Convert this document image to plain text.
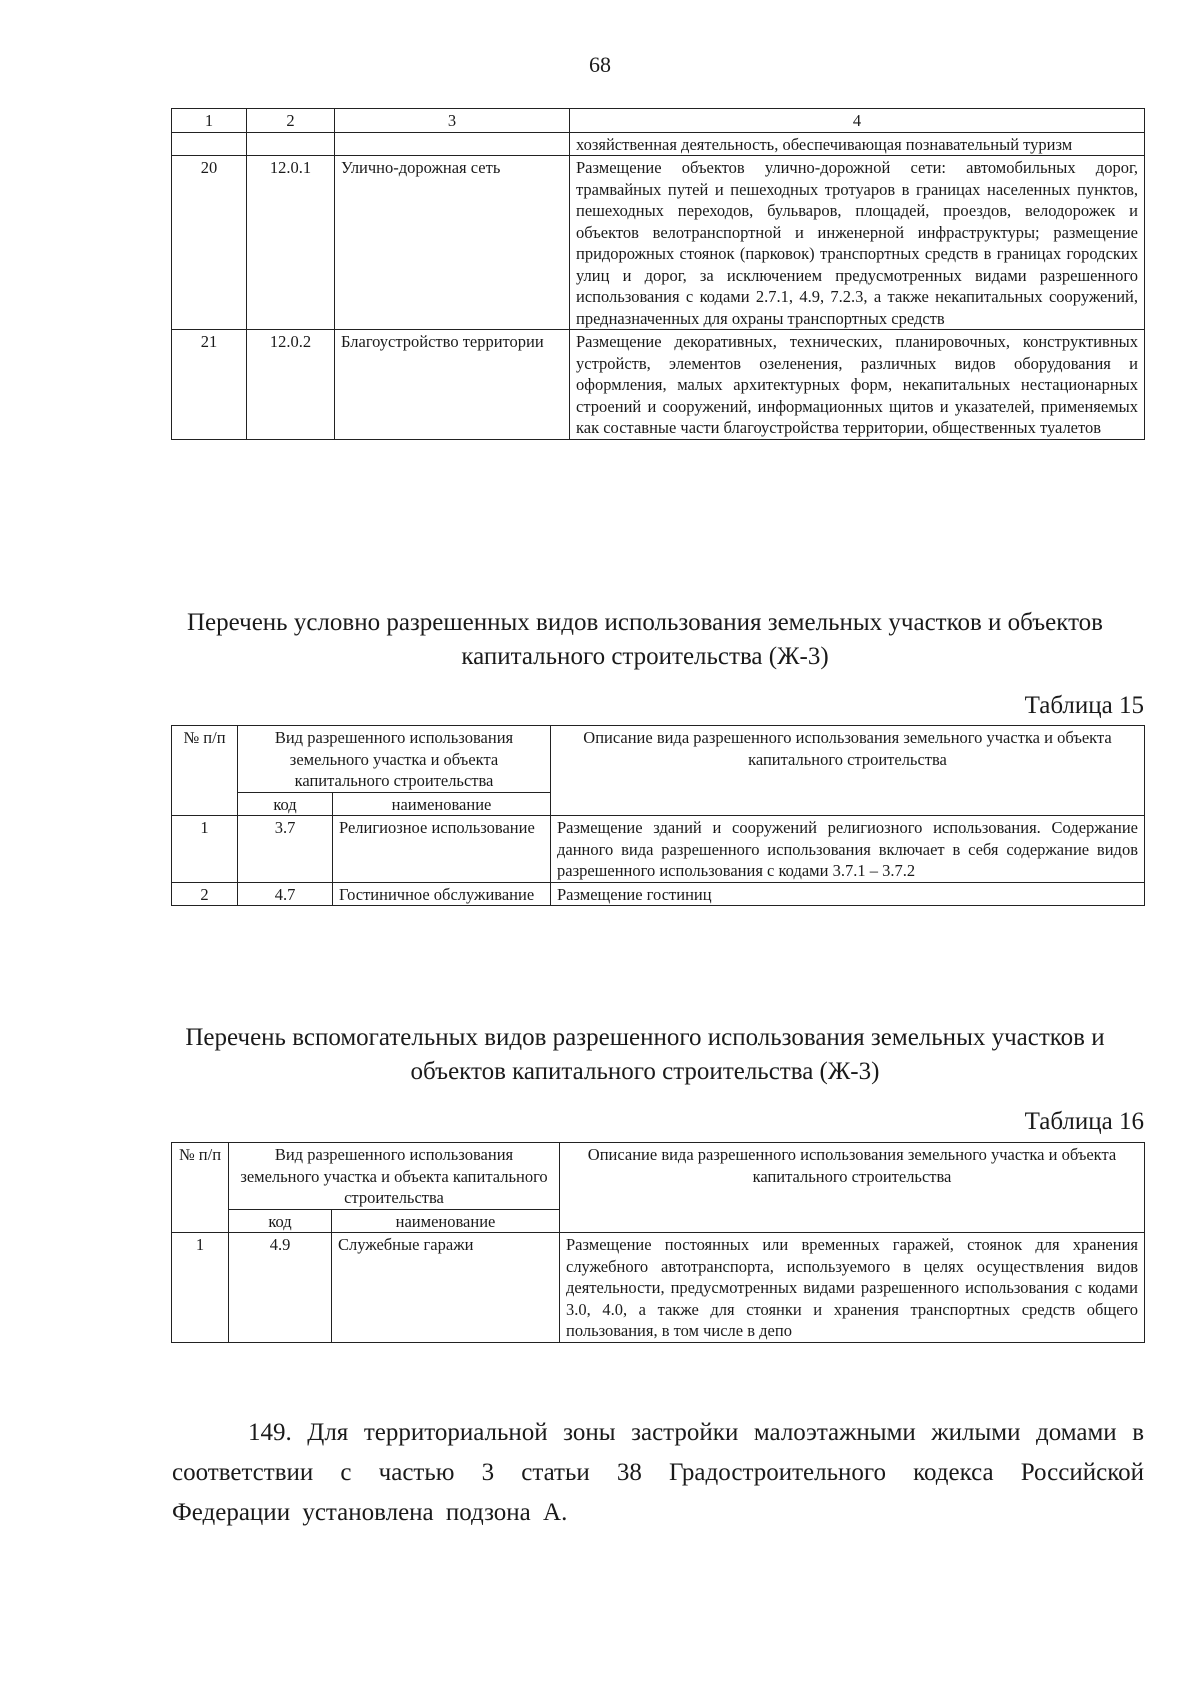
68
1	2	3	4
			хозяйственная деятельность, обеспечивающая познавательный туризм
20	12.0.1	Улично-дорожная сеть	Размещение объектов улично-дорожной сети: автомобильных дорог, трамвайных путей и пешеходных тротуаров в границах населенных пунктов, пешеходных переходов, бульваров, площадей, проездов, велодорожек и объектов велотранспортной и инженерной инфраструктуры; размещение придорожных стоянок (парковок) транспортных средств в границах городских улиц и дорог, за исключением предусмотренных видами разрешенного использования с кодами 2.7.1, 4.9, 7.2.3, а также некапитальных сооружений, предназначенных для охраны транспортных средств
21	12.0.2	Благоустройство территории	Размещение декоративных, технических, планировочных, конструктивных устройств, элементов озеленения, различных видов оборудования и оформления, малых архитектурных форм, некапитальных нестационарных строений и сооружений, информационных щитов и указателей, применяемых как составные части благоустройства территории, общественных туалетов
Перечень условно разрешенных видов использования земельных участков и объектов капитального строительства (Ж-3)
Таблица 15
№ п/п	Вид разрешенного использования земельного участка и объекта капитального строительства		Описание вида разрешенного использования земельного участка и объекта капитального строительства
	код	наименование	
1	3.7	Религиозное использование	Размещение зданий и сооружений религиозного использования. Содержание данного вида разрешенного использования включает в себя содержание видов разрешенного использования с кодами 3.7.1 – 3.7.2
2	4.7	Гостиничное обслуживание	Размещение гостиниц
Перечень вспомогательных видов разрешенного использования земельных участков и объектов капитального строительства (Ж-3)
Таблица 16
№ п/п	Вид разрешенного использования земельного участка и объекта капитального строительства		Описание вида разрешенного использования земельного участка и объекта капитального строительства
	код	наименование	
1	4.9	Служебные гаражи	Размещение постоянных или временных гаражей, стоянок для хранения служебного автотранспорта, используемого в целях осуществления видов деятельности, предусмотренных видами разрешенного использования с кодами 3.0, 4.0, а также для стоянки и хранения транспортных средств общего пользования, в том числе в депо
149. Для территориальной зоны застройки малоэтажными жилыми домами в соответствии с частью 3 статьи 38 Градостроительного кодекса Российской Федерации установлена подзона А.
